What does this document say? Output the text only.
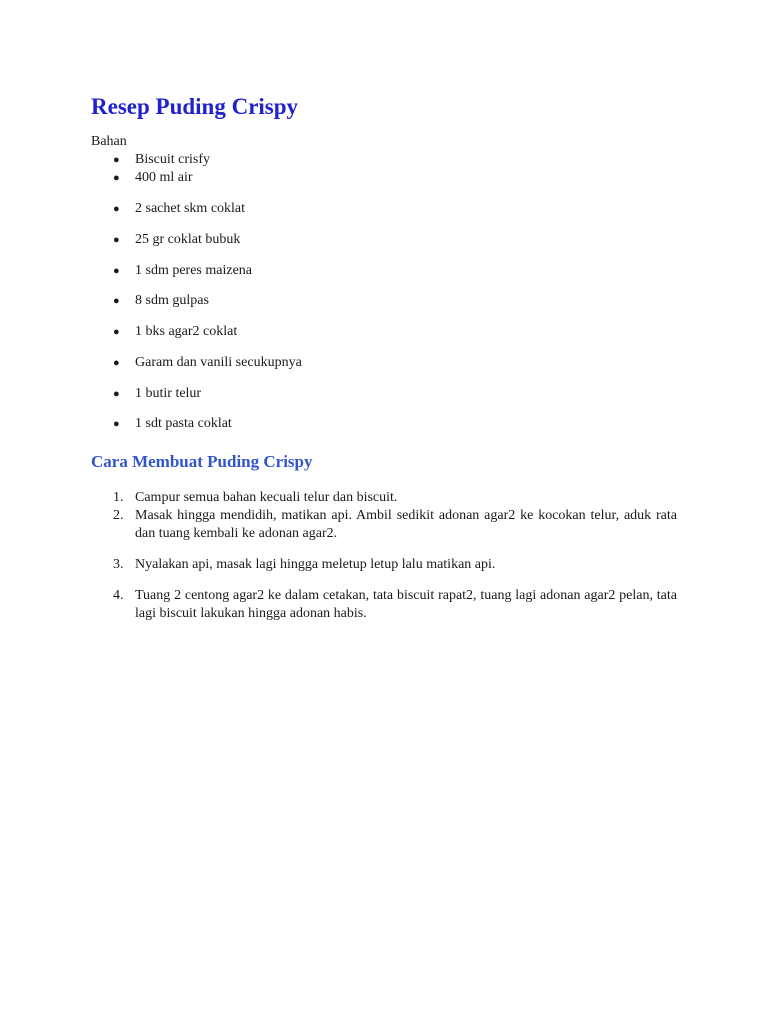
Resep Puding Crispy
Bahan
● Biscuit crisfy
● 400 ml air
● 2 sachet skm coklat
● 25 gr coklat bubuk
● 1 sdm peres maizena
● 8 sdm gulpas
● 1 bks agar2 coklat
● Garam dan vanili secukupnya
● 1 butir telur
● 1 sdt pasta coklat
Cara Membuat Puding Crispy
1. Campur semua bahan kecuali telur dan biscuit.
2. Masak hingga mendidih, matikan api. Ambil sedikit adonan agar2 ke kocokan telur, aduk rata dan tuang kembali ke adonan agar2.
3. Nyalakan api, masak lagi hingga meletup letup lalu matikan api.
4. Tuang 2 centong agar2 ke dalam cetakan, tata biscuit rapat2, tuang lagi adonan agar2 pelan, tata lagi biscuit lakukan hingga adonan habis.
